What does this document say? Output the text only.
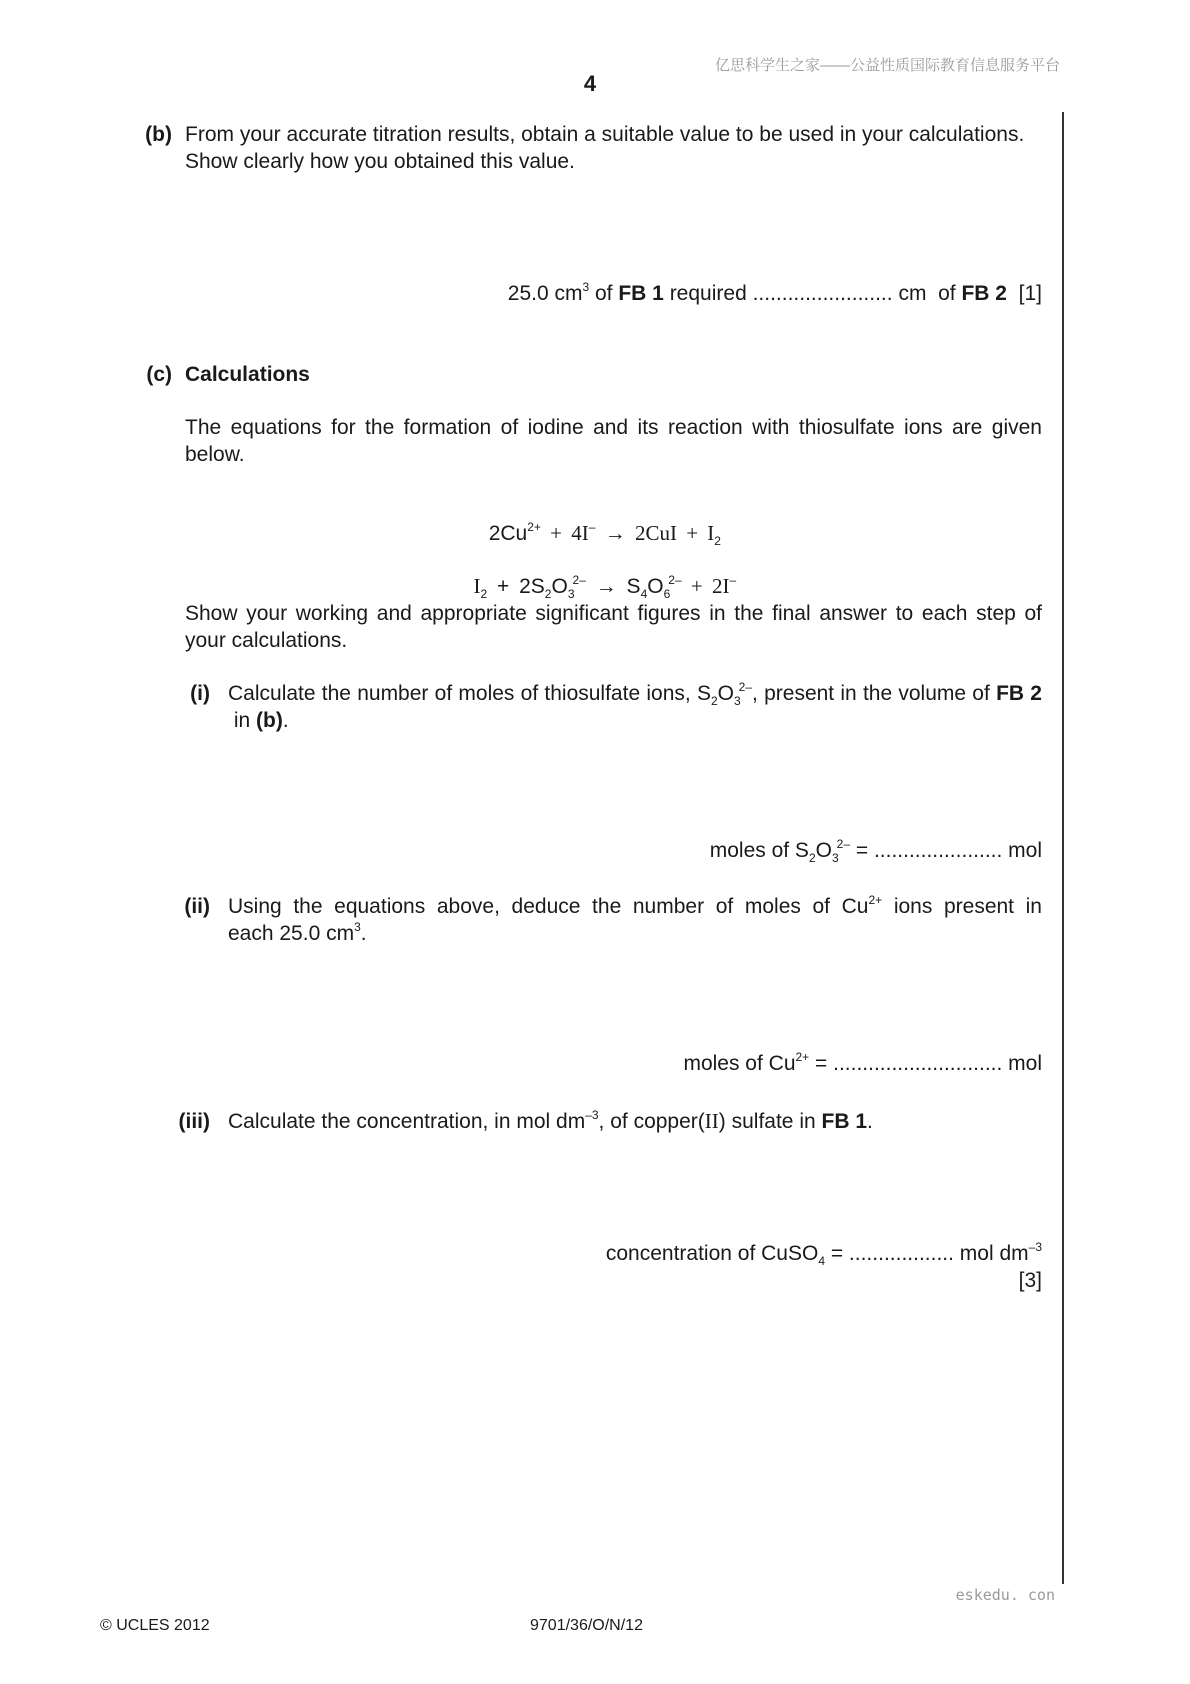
亿思科学生之家——公益性质国际教育信息服务平台
4
(b) From your accurate titration results, obtain a suitable value to be used in your calculations.
Show clearly how you obtained this value.
25.0 $cm^3$ of FB 1 required ........................ cm  of FB 2  [1]
(c) Calculations
The equations for the formation of iodine and its reaction with thiosulfate ions are given below.

$2Cu^{2+} + 4I^- \to 2CuI + I_2$

$I_2 + 2S_2O_3^{2-} \to S_4O_6^{2-} + 2I^-$

Show your working and appropriate significant figures in the final answer to each step of your calculations.
(i) Calculate the number of moles of thiosulfate ions, $S_2O_3^{2-}$, present in the volume of FB 2 in (b).
moles of $S_2O_3^{2-}$ = ...................... mol
(ii) Using the equations above, deduce the number of moles of $Cu^{2+}$ ions present in
each 25.0 $cm^3$.
moles of $Cu^{2+}$ = ............................. mol
(iii) Calculate the concentration, in mol $dm^{-3}$, of copper(II) sulfate in FB 1.
concentration of CuSO$_4$ = .................. mol $dm^{-3}$
[3]
eskedu. con
© UCLES 2012	9701/36/O/N/12
